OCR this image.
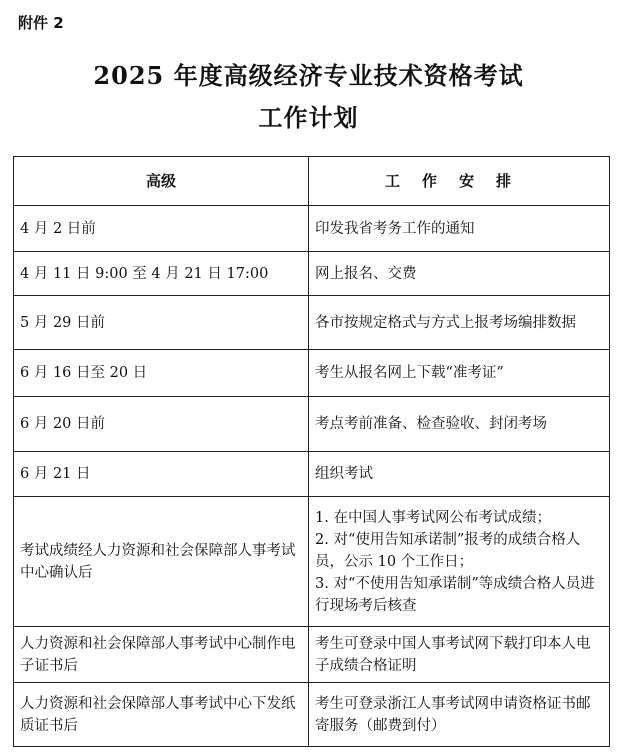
附件 2
2025 年度高级经济专业技术资格考试
工作计划
高级	工作安排
4 月 2 日前	印发我省考务工作的通知
4 月 11 日 9:00 至 4 月 21 日 17:00	网上报名、交费
5 月 29 日前	各市按规定格式与方式上报考场编排数据
6 月 16 日至 20 日	考生从报名网上下载“准考证”
6 月 20 日前	考点考前准备、检查验收、封闭考场
6 月 21 日	组织考试
考试成绩经人力资源和社会保障部人事考试中心确认后	1. 在中国人事考试网公布考试成绩；
2. 对“使用告知承诺制”报考的成绩合格人员，公示 10 个工作日；
3. 对“不使用告知承诺制”等成绩合格人员进行现场考后核查
人力资源和社会保障部人事考试中心制作电子证书后	考生可登录中国人事考试网下载打印本人电子成绩合格证明
人力资源和社会保障部人事考试中心下发纸质证书后	考生可登录浙江人事考试网申请资格证书邮寄服务（邮费到付）
